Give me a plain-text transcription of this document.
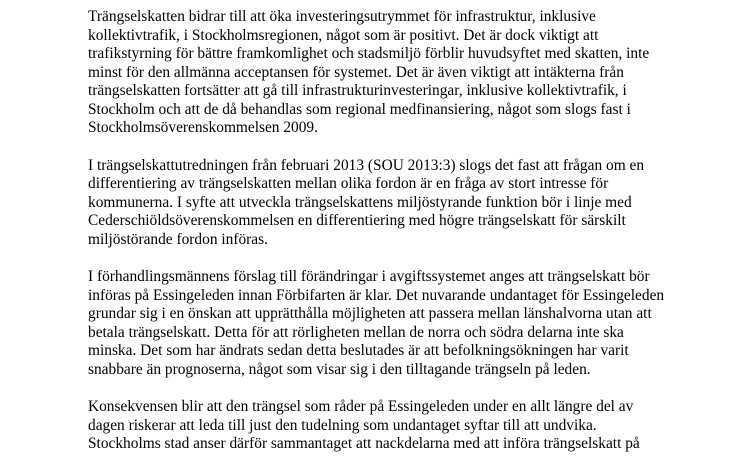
Trängselskatten bidrar till att öka investeringsutrymmet för infrastruktur, inklusive
kollektivtrafik, i Stockholmsregionen, något som är positivt. Det är dock viktigt att
trafikstyrning för bättre framkomlighet och stadsmiljö förblir huvudsyftet med skatten, inte
minst för den allmänna acceptansen för systemet. Det är även viktigt att intäkterna från
trängselskatten fortsätter att gå till infrastrukturinvesteringar, inklusive kollektivtrafik, i
Stockholm och att de då behandlas som regional medfinansiering, något som slogs fast i
Stockholmsöverenskommelsen 2009.

I trängselskattutredningen från februari 2013 (SOU 2013:3) slogs det fast att frågan om en
differentiering av trängselskatten mellan olika fordon är en fråga av stort intresse för
kommunerna. I syfte att utveckla trängselskattens miljöstyrande funktion bör i linje med
Cederschiöldsöverenskommelsen en differentiering med högre trängselskatt för särskilt
miljöstörande fordon införas.

I förhandlingsmännens förslag till förändringar i avgiftssystemet anges att trängselskatt bör
införas på Essingeleden innan Förbifarten är klar. Det nuvarande undantaget för Essingeleden
grundar sig i en önskan att upprätthålla möjligheten att passera mellan länshalvorna utan att
betala trängselskatt. Detta för att rörligheten mellan de norra och södra delarna inte ska
minska. Det som har ändrats sedan detta beslutades är att befolkningsökningen har varit
snabbare än prognoserna, något som visar sig i den tilltagande trängseln på leden.

Konsekvensen blir att den trängsel som råder på Essingeleden under en allt längre del av
dagen riskerar att leda till just den tudelning som undantaget syftar till att undvika.
Stockholms stad anser därför sammantaget att nackdelarna med att införa trängselskatt på
